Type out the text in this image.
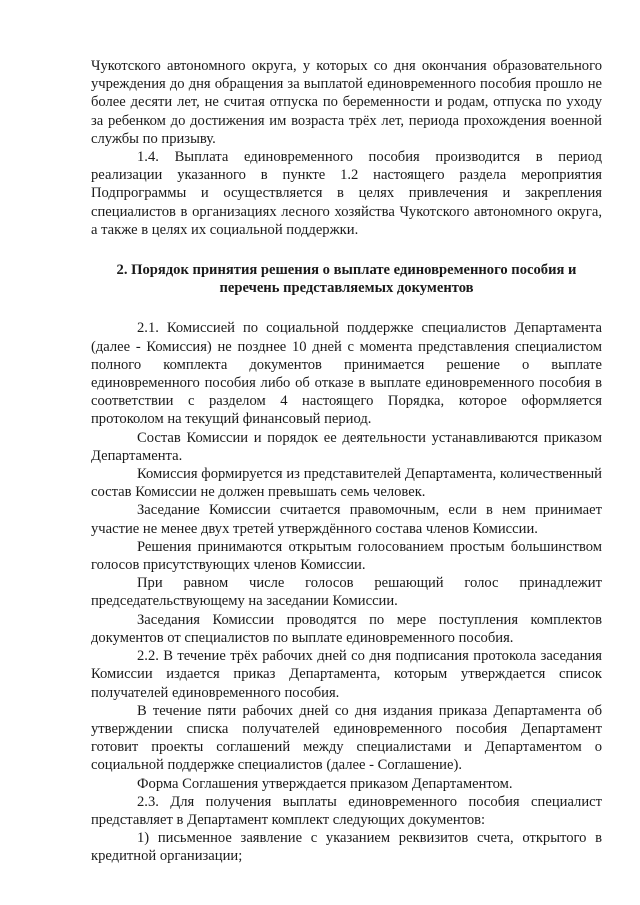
Чукотского автономного округа, у которых со дня окончания образовательного учреждения до дня обращения за выплатой единовременного пособия прошло не более десяти лет, не считая отпуска по беременности и родам, отпуска по уходу за ребенком до достижения им возраста трёх лет, периода прохождения военной службы по призыву.

1.4. Выплата единовременного пособия производится в период реализации указанного в пункте 1.2 настоящего раздела мероприятия Подпрограммы и осуществляется в целях привлечения и закрепления специалистов в организациях лесного хозяйства Чукотского автономного округа, а также в целях их социальной поддержки.

2. Порядок принятия решения о выплате единовременного пособия и
перечень представляемых документов

2.1. Комиссией по социальной поддержке специалистов Департамента (далее - Комиссия) не позднее 10 дней с момента представления специалистом полного комплекта документов принимается решение о выплате единовременного пособия либо об отказе в выплате единовременного пособия в соответствии с разделом 4 настоящего Порядка, которое оформляется протоколом на текущий финансовый период.

Состав Комиссии и порядок ее деятельности устанавливаются приказом Департамента.

Комиссия формируется из представителей Департамента, количественный состав Комиссии не должен превышать семь человек.

Заседание Комиссии считается правомочным, если в нем принимает участие не менее двух третей утверждённого состава членов Комиссии.

Решения принимаются открытым голосованием простым большинством голосов присутствующих членов Комиссии.

При равном числе голосов решающий голос принадлежит председательствующему на заседании Комиссии.

Заседания Комиссии проводятся по мере поступления комплектов документов от специалистов по выплате единовременного пособия.

2.2. В течение трёх рабочих дней со дня подписания протокола заседания Комиссии издается приказ Департамента, которым утверждается список получателей единовременного пособия.

В течение пяти рабочих дней со дня издания приказа Департамента об утверждении списка получателей единовременного пособия Департамент готовит проекты соглашений между специалистами и Департаментом о социальной поддержке специалистов (далее - Соглашение).

Форма Соглашения утверждается приказом Департаментом.

2.3. Для получения выплаты единовременного пособия специалист представляет в Департамент комплект следующих документов:

1) письменное заявление с указанием реквизитов счета, открытого в кредитной организации;
